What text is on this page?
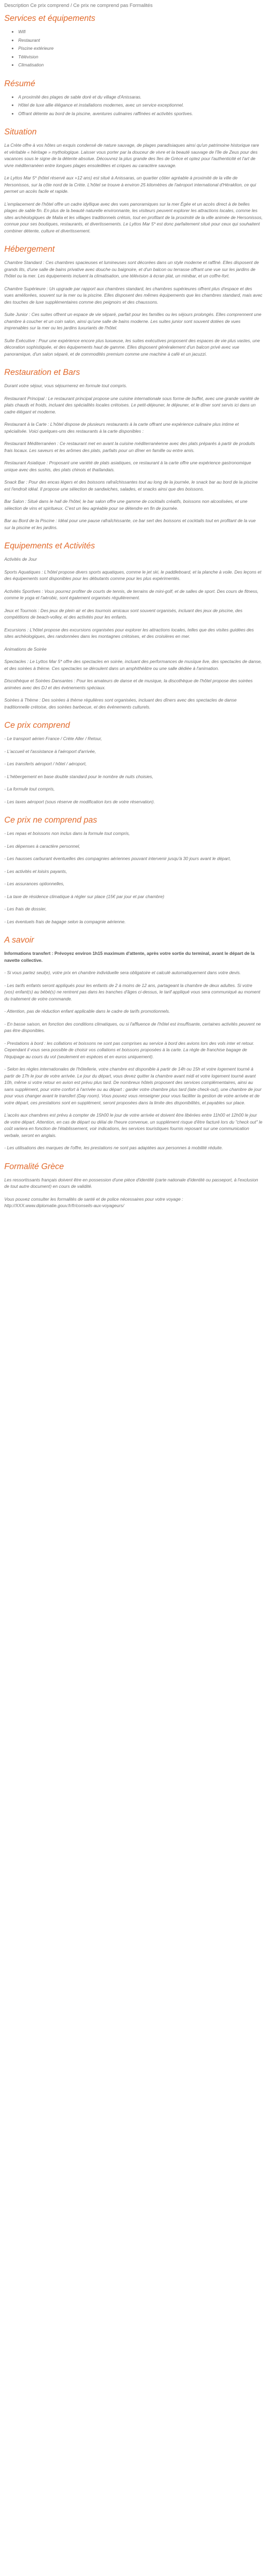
Description Ce prix comprend / Ce prix ne comprend pas Formalités
Services et équipements
• Wifi
• Restaurant
• Piscine extérieure
• Télévision
• Climatisation
Résumé
• A proximité des plages de sable doré et du village d'Anissaras.
• Hôtel de luxe allie élégance et installations modernes, avec un service exceptionnel.
• Offrant détente au bord de la piscine, aventures culinaires raffinées et activités sportives.
Situation

La Crète offre à vos hôtes un exquis condensé de nature sauvage, de plages paradisiaques ainsi qu'un patrimoine historique rare et véritable « héritage » mythologique. Laisser vous porter par la douceur de vivre et la beauté sauvage de l'île de Zeus pour des vacances sous le signe de la détente absolue. Découvrez la plus grande des îles de Grèce et optez pour l'authenticité et l'art de vivre méditerranéen entre longues plages ensoleillées et criques au caractère sauvage.

Le Lyttos Mar 5* (hôtel réservé aux +12 ans) est situé à Anissaras, un quartier côtier agréable à proximité de la ville de Hersonissos, sur la côte nord de la Crète. L'hôtel se trouve à environ 25 kilomètres de l'aéroport international d'Héraklion, ce qui permet un accès facile et rapide.

L'emplacement de l'hôtel offre un cadre idyllique avec des vues panoramiques sur la mer Égée et un accès direct à de belles plages de sable fin. En plus de la beauté naturelle environnante, les visiteurs peuvent explorer les attractions locales, comme les sites archéologiques de Malia et les villages traditionnels crétois, tout en profitant de la proximité de la ville animée de Hersonissos, connue pour ses boutiques, restaurants, et divertissements. Le Lyttos Mar 5* est donc parfaitement situé pour ceux qui souhaitent combiner détente, culture et divertissement.

Hébergement

Chambre Standard : Ces chambres spacieuses et lumineuses sont décorées dans un style moderne et raffiné. Elles disposent de grands lits, d'une salle de bains privative avec douche ou baignoire, et d'un balcon ou terrasse offrant une vue sur les jardins de l'hôtel ou la mer. Les équipements incluent la climatisation, une télévision à écran plat, un minibar, et un coffre-fort.

Chambre Supérieure : Un upgrade par rapport aux chambres standard, les chambres supérieures offrent plus d'espace et des vues améliorées, souvent sur la mer ou la piscine. Elles disposent des mêmes équipements que les chambres standard, mais avec des touches de luxe supplémentaires comme des peignoirs et des chaussons.

Suite Junior : Ces suites offrent un espace de vie séparé, parfait pour les familles ou les séjours prolongés. Elles comprennent une chambre à coucher et un coin salon, ainsi qu'une salle de bains moderne. Les suites junior sont souvent dotées de vues imprenables sur la mer ou les jardins luxuriants de l'hôtel.

Suite Exécutive : Pour une expérience encore plus luxueuse, les suites exécutives proposent des espaces de vie plus vastes, une décoration sophistiquée, et des équipements haut de gamme. Elles disposent généralement d'un balcon privé avec vue panoramique, d'un salon séparé, et de commodités premium comme une machine à café et un jacuzzi.

Restauration et Bars

Durant votre séjour, vous séjournerez en formule tout compris.

Restaurant Principal : Le restaurant principal propose une cuisine internationale sous forme de buffet, avec une grande variété de plats chauds et froids, incluant des spécialités locales crétoises. Le petit-déjeuner, le déjeuner, et le dîner sont servis ici dans un cadre élégant et moderne.

Restaurant à la Carte : L'hôtel dispose de plusieurs restaurants à la carte offrant une expérience culinaire plus intime et spécialisée. Voici quelques-uns des restaurants à la carte disponibles :

Restaurant Méditerranéen : Ce restaurant met en avant la cuisine méditerranéenne avec des plats préparés à partir de produits frais locaux. Les saveurs et les arômes des plats, parfaits pour un dîner en famille ou entre amis.

Restaurant Asiatique : Proposant une variété de plats asiatiques, ce restaurant à la carte offre une expérience gastronomique unique avec des sushis, des plats chinois et thaïlandais.

Snack Bar : Pour des encas légers et des boissons rafraîchissantes tout au long de la journée, le snack bar au bord de la piscine est l'endroit idéal. Il propose une sélection de sandwiches, salades, et snacks ainsi que des boissons.

Bar Salon : Situé dans le hall de l'hôtel, le bar salon offre une gamme de cocktails créatifs, boissons non alcoolisées, et une sélection de vins et spiritueux. C'est un lieu agréable pour se détendre en fin de journée.

Bar au Bord de la Piscine : Idéal pour une pause rafraîchissante, ce bar sert des boissons et cocktails tout en profitant de la vue sur la piscine et les jardins.

Equipements et Activités

Activités de Jour

Sports Aquatiques : L'hôtel propose divers sports aquatiques, comme le jet ski, le paddleboard, et la planche à voile. Des leçons et des équipements sont disponibles pour les débutants comme pour les plus expérimentés.

Activités Sportives : Vous pourrez profiter de courts de tennis, de terrains de mini-golf, et de salles de sport. Des cours de fitness, comme le yoga et l'aérobic, sont également organisés régulièrement.

Jeux et Tournois : Des jeux de plein air et des tournois amicaux sont souvent organisés, incluant des jeux de piscine, des compétitions de beach-volley, et des activités pour les enfants.

Excursions : L'hôtel propose des excursions organisées pour explorer les attractions locales, telles que des visites guidées des sites archéologiques, des randonnées dans les montagnes crétoises, et des croisières en mer.

Animations de Soirée

Spectacles : Le Lyttos Mar 5* offre des spectacles en soirée, incluant des performances de musique live, des spectacles de danse, et des soirées à thème. Ces spectacles se déroulent dans un amphithéâtre ou une salle dédiée à l'animation.

Discothèque et Soirées Dansantes : Pour les amateurs de danse et de musique, la discothèque de l'hôtel propose des soirées animées avec des DJ et des événements spéciaux.

Soirées à Thème : Des soirées à thème régulières sont organisées, incluant des dîners avec des spectacles de danse traditionnelle crétoise, des soirées barbecue, et des événements culturels.

Ce prix comprend

- Le transport aérien France / Crète Aller / Retour,

- L'accueil et l'assistance à l'aéroport d'arrivée,

- Les transferts aéroport / hôtel / aéroport,

- L'hébergement en base double standard pour le nombre de nuits choisies,

- La formule tout compris,

- Les taxes aéroport (sous réserve de modification lors de votre réservation).

Ce prix ne comprend pas

- Les repas et boissons non inclus dans la formule tout compris,

- Les dépenses à caractère personnel,

- Les hausses carburant éventuelles des compagnies aériennes pouvant intervenir jusqu'à 30 jours avant le départ,

- Les activités et loisirs payants,

- Les assurances optionnelles,

- La taxe de résidence climatique à régler sur place (15€ par jour et par chambre)

- Les frais de dossier,

- Les éventuels frais de bagage selon la compagnie aérienne.

A savoir

Informations transfert : Prévoyez environ 1h15 maximum d'attente, après votre sortie du terminal, avant le départ de la navette collective.

- Si vous partez seul(e), votre prix en chambre individuelle sera obligatoire et calculé automatiquement dans votre devis.

- Les tarifs enfants seront appliqués pour les enfants de 2 à moins de 12 ans, partageant la chambre de deux adultes. Si votre (vos) enfant(s) au bébé(s) ne rentrent pas dans les tranches d'âges ci-dessus, le tarif appliqué vous sera communiqué au moment du traitement de votre commande.

- Attention, pas de réduction enfant applicable dans le cadre de tarifs promotionnels.

- En basse saison, en fonction des conditions climatiques, ou si l'affluence de l'hôtel est insuffisante, certaines activités peuvent ne pas être disponibles.

- Prestations à bord : les collations et boissons ne sont pas comprises au service à bord des avions lors des vols inter et retour. Cependant il vous sera possible de choisir vos collations et boissons proposées à la carte. La règle de franchise bagage de l'équipage au cours du vol (seulement en espèces et en euros uniquement).

- Selon les règles internationales de l'hôtellerie, votre chambre est disponible à partir de 14h ou 15h et votre logement tourné à partir de 17h le jour de votre arrivée. Le jour du départ, vous devez quitter la chambre avant midi et votre logement tourné avant 10h, même si votre retour en avion est prévu plus tard. De nombreux hôtels proposent des services complémentaires, ainsi au sans supplément, pour votre confort à l'arrivée ou au départ : garder votre chambre plus tard (late check-out), une chambre de jour pour vous changer avant le transfert (Day room). Vous pouvez vous renseigner pour vous faciliter la gestion de votre arrivée et de votre départ, ces prestations sont en supplément, seront proposées dans la limite des disponibilités, et payables sur place.

L'accès aux chambres est prévu à compter de 15h00 le jour de votre arrivée et doivent être libérées entre 11h00 et 12h00 le jour de votre départ. Attention, en cas de départ ou délai de l'heure convenue, un supplément risque d'être facturé lors du "check out" le coût variera en fonction de l'établissement, voir indications, les services touristiques fournis reposant sur une communication verbale, seront en anglais.

- Les utilisations des marques de l'offre, les prestations ne sont pas adaptées aux personnes à mobilité réduite.

Formalité Grèce

Les ressortissants français doivent être en possession d'une pièce d'identité (carte nationale d'identité ou passeport, à l'exclusion de tout autre document) en cours de validité.

Vous pouvez consulter les formalités de santé et de police nécessaires pour votre voyage : http://XXX.www.diplomatie.gouv.fr/fr/conseils-aux-voyageurs/
